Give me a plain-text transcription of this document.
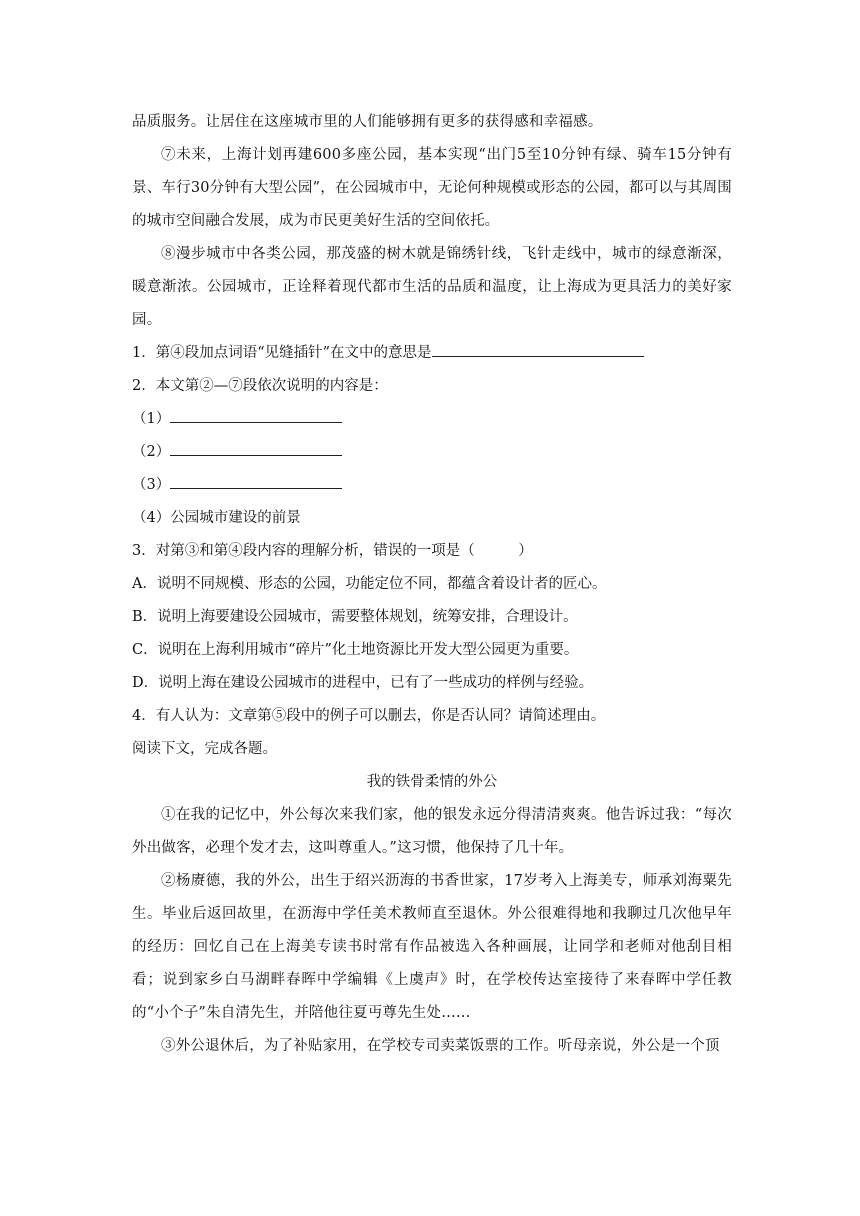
品质服务。让居住在这座城市里的人们能够拥有更多的获得感和幸福感。

⑦未来，上海计划再建600多座公园，基本实现“出门5至10分钟有绿、骑车15分钟有景、车行30分钟有大型公园”，在公园城市中，无论何种规模或形态的公园，都可以与其周围的城市空间融合发展，成为市民更美好生活的空间依托。

⑧漫步城市中各类公园，那茂盛的树木就是锦绣针线，飞针走线中，城市的绿意渐深，暖意渐浓。公园城市，正诠释着现代都市生活的品质和温度，让上海成为更具活力的美好家园。

1．第④段加点词语“见缝插针”在文中的意思是

2．本文第②—⑦段依次说明的内容是：

（1）

（2）

（3）

（4）公园城市建设的前景

3．对第③和第④段内容的理解分析，错误的一项是（　　　）

A．说明不同规模、形态的公园，功能定位不同，都蕴含着设计者的匠心。

B．说明上海要建设公园城市，需要整体规划，统筹安排，合理设计。

C．说明在上海利用城市“碎片”化土地资源比开发大型公园更为重要。

D．说明上海在建设公园城市的进程中，已有了一些成功的样例与经验。

4．有人认为：文章第⑤段中的例子可以删去，你是否认同？请简述理由。

阅读下文，完成各题。

我的铁骨柔情的外公

①在我的记忆中，外公每次来我们家，他的银发永远分得清清爽爽。他告诉过我：“每次外出做客，必理个发才去，这叫尊重人。”这习惯，他保持了几十年。

②杨赓德，我的外公，出生于绍兴沥海的书香世家，17岁考入上海美专，师承刘海粟先生。毕业后返回故里，在沥海中学任美术教师直至退休。外公很难得地和我聊过几次他早年的经历：回忆自己在上海美专读书时常有作品被选入各种画展，让同学和老师对他刮目相看；说到家乡白马湖畔春晖中学编辑《上虞声》时，在学校传达室接待了来春晖中学任教的“小个子”朱自清先生，并陪他往夏丏尊先生处……

③外公退休后，为了补贴家用，在学校专司卖菜饭票的工作。听母亲说，外公是一个顶
